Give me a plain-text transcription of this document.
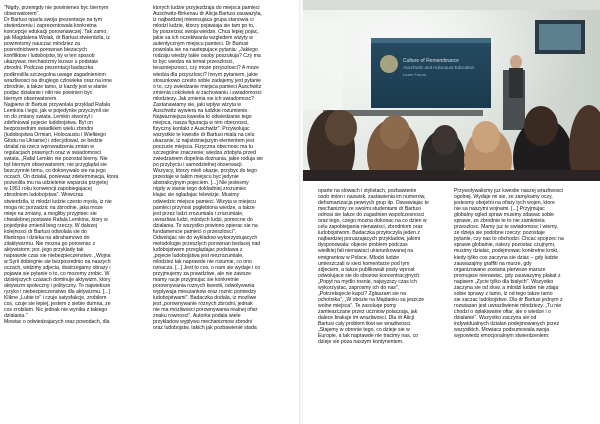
"Nigdy, przenigdy nie powinienes byc biernym
obserwatorem".
Dr Bartusi oparla swoja prezentacje na tym
stwierdzeniu i zaprezentowala konkretna
koncepcje edukacji porownawczej. Tak zamo,
jak Magdalena Wolak, dr Bartusi stwierdzila, iz
powinnismy nauczac mlodziez za
posrednictwem porownan biezacych
konfliktow i ludobojstw, by w ten sposob
ukazywac mechanizmy lezace u podstaw
zbrodni. Podczas prezentacji badaczka
podkreslila szczegolna uwage zagadnieniom
wrazliwosci na drugiego czlowieka oraz na inne
zbrodnie, a takze tamo, iz kazdy jest w stanie
podjac dzialanie i nikt nie powinien byc
biernym obserwatorem.
Najpierw dr Bartusi przywolala przyklad Rafala
Lemkina i tego, jak w pojedynke przyczynil sie
on do zmiany swiata. Lemkin stworzyl i
zdefiniowal pojecie ludobojstwa. Byl on
bezposrednim swiadkiem wielu zbrodni
(ludobojstwa Ormian, Holocaustu i Wielkiego
Glodu na Ukrainie) i zdecydowal, ze bedzie
dzialal na rzecz wprowadzenia zmian w
regulacjach prawnych oraz w swiadomosci
swiata. „Rafal Lemkin nie pozostal bierny. Nie
byl biernym obserwatorem; nie przyglądal sie
bezczynnie temu, co dokonywalo sie na jego
oczach. On dzialal, poniewaz zdeterminacja, ktora
pozwolila mu na udzielenie wsparcia przyjetej
w 1951 roku konwencji zapobiegajacej
zbrodniom ludobojstwa". Wowczas
stwierdzila, iz mlodzi ludzie czesto mysla, iz nie
moga nic porzadzic na zbrodnie, jaka moze
mieje na zmiany, a mogliby przyjmiec sie
chwalebnej postawie Rafala Lemkina, ktory w
pojedynke zmienil bieg rzeczy. W dalszej
kolejnosci dr Bartusi odwolala sie do
filantropa i dzieka na abrahamowo do
zilaktywizmu. Nie mozna go porownac z
aktywistom; por. jego przyklady tak
naprawde czas sie niebezpieczenstwo. „Wojna
w Syrii dobiegnie sie bezposrednio na naszych
oczach, widzimy zdjecia, dostrzegamy obrazy i
pojawia sie pytanie o to, co mozemy zrobic. W
dzisiejszych czasach dominuje aktywizm, ktory
aktywizm spoleczny i polityczny. To najwieksze
ryzyko i niebezpieczenstwo dla aktywizmu. [...]
Klikne „Lubie to" i czuje satysfakcje, zrobilem
cos, czuje sie lepiej, jestem z siebie dumna, ze
cos zrobilam. Nic jednak nie wynika z takiego
dzialania."
Mowiac o odwiedzajacych oraz powodach, dla
ktorych ludzie przyjezdzaja do miejsca pamieci
Auschwitz-Birkenau dr Alicja Bartusi zauwazyla,
iz najbardziej interesujaca grupa stanowia ci
mlodzi ludzie, ktorzy pojawiaja sie tam po to,
by poszerzac swoja wiedze. Chca lepiej pojac,
jakie sa ich oczekiwania wzgledem wizyty w
autentycznym miejscu pamieci. Dr Bartusi
powolala sie na nastepujace pytania: „Jakiego
rodzaju wiedzy takie osoby poszukuja? Czy ma
to byc wiedza na temat przeszlosci,
terazniejszosci, czy moze przyszlosci? A moze
wiedza dla przyszlosci? Innym pytaniem, jakie
stosunkowo czesto sobie zadajemy jest pytanie
o to, czy zwiedzanie miejsca pamieci Auschwitz
zmienia cokolwiek w zachowaniu i swiadomosci
mlodziezy. Jak zmienia sie ich swiadomosc?
Zastanawiamy sie, jaki wplyw wizyta w
Auschwitz wywiera na ludzkie rozumienie.
Najwazniejsza kwestia to odwiedzanie tego
miejsca, nasza figuracja w nim obecnosci,
fizyczny kontakt z Auschwitz". Przywolujac
wszystkie te kwestie dr Bartusi miala na celu
ukazanie, iz najistotniejszym elementem jest
poczucie miejsca. Fizyczna obecnosc ma tu
szczegolne znaczenie; wiedza zdobyta przed
zwiedzaniem dopelnia doznania, jakie roduja sie
po przybyciu i samodzielnej obserwacji.
Wszyscy, ktorzy mieli okazje, przybyc do tego
przestaje w takim miejscu byc jedynie
abstrakcyjnym pojeciem. [...] Nie jestesmy
nigdy w stanie tego dokladniej zrozumiec
klajac sie ogladajac telewizje. Musimy
odwiedzic miejsce pamieci. Wizyta w miejscu
pamieci przynosi pogłebiona wiedze, a takze
jest przez ludzi zrozumiala i zrozumiale,
uwrazliwa ludzi, mlodych ludzi, pomocne do
dzialania. To wszystko powinno opierac sie na
fundamencie pamieci o przeszlosci".
Odwolujac sie do wykladow wykorzystujacych
metodologie przeszlych porownan bedacej nad
ludobojstwem przeglądajac podstawa z
„pojecie ludobojstwa jest niezrozumiale,
mlodziez tak naprawde nie rozumie, co ono
oznacza. [...] Jest to cos, o nam sie wydaje i co
przyjmujemy za prawdziwe, ale nie zawsze
mamy racje przyjmujac sie konkretnie
porownywania roznych kwestii, odwolywania
wyplywuja mieszankow oraz roznic pomiedzy
ludobojstwami". Badaczka dodala, iz mozliwe
jest „porownywanie roznych zbrodni, jednak
nie ma mozliwosci porownywania realnej ofiar
znaku rownosci". Autorka podala wiele
przykladow wyplywu mechanizmow zbrodni
oraz ludobojstw, takich jak pozbawienie stada
Culture of Remembrance
Auschwitz and Holocaust Education
Learn Forum
oparte na slowach i stylistach, pozbawienie
osob imion i nazwisk, zastawienia im numerow,
dehumanizacja pewnych grup itp. Oswawiajac te
mechanizmy ze swoimi studentami dr Bartusi
odnosi sie takze do zagadnien wspolczesnosci
oraz tego, czego mozna dokonac na co dzien w
celu zapobiegania nienawisci, zbrodniom oraz
ludobojstwom. Badaczka przytoczyla jeden z
najbardziej poruszajacych przykladow, jakimi
dysponowala: objecie problem podczas
wieilkiej fali nienawisci ukierunkowanej na
emigrantow w Polsce. Mlodzi ludzie
umieszczali w sieci komentarze pod tym
zdjeciem, a takze publikowali posty wprost
odwolujace sie do obozow koncentracyjnych:
„Popyt na mydlo rosnie, najwyzszy czas ich
wykorzystac, zaprosmy ich do nas",
„Potrzebujecie kapci? Zglaszam sie na
ochotnika", „W obozie na Majdanku sa jeszcze
wolne miejsca". Te zasoluqe pomy
zamieszczane przez uczniow polaczaja, jak
dalece brakuje im wrazliwosci. Dla dr Alicji
Bartusi caly problem tkwi we wrazliwosci.
„Stajemy w obronie tego, co dzieje sie w
Europie, a tak naprawde nie tracimy nas, co
dzieje sie poza naszym kontynentem.
Przywolywalismy juz kwestie naszej wrazliwosci
ogolnej. Wydaje mi sie, ze zamykamy oczy,
jestesmy obojetni na ofiary tych wojen, ktore
nie sa naszymi wojnami. [...] Przyjmujac
globalny ogled spraw musimy zdawac sobie
sprawe, ze zbrodnie te to nie zamknieta
przeszlosc. Mamy juz te swiadomosc i wiemy,
ze dzieja sie podobne rzeczy: pozostaje
pytanie, czy nas to obchodzi. Chcac spojrzec na
sprawe globalnie, nalezy pozostac czujnymi,
musimy dzialac, podejmowac konkretne kroki,
kiedy tylko cos zaczyna sie dziac – gdy ludzie
zauwazajmy graffiti na murze, gdy
organizowane zostana pierwsze marsze
promujace nienawisc, gdy zauwazymy plakat z
napisem „Zycie tylko dla bialych". Wszystko
zaczyna sie od slow, a mlodzi ludzie nie zdaja
sobie sprawy z tamo, iz od tego takze tamo
sie zaczac ludobojstwo. Dla dr Bartusi jednym z
rozwiazan jest uwrazliwienie mlodziezy. „Tu nie
chodzi o opłakiwanie ofiar, ale o wiedze i o
dzialanie". Wszystko zaczyna sie od
indywidualnych dzialan podejmowanych przez
wszystkich. Mowiacz podsumowala swoja
wypowiedz emocjonalnym stwierdzeniem:
